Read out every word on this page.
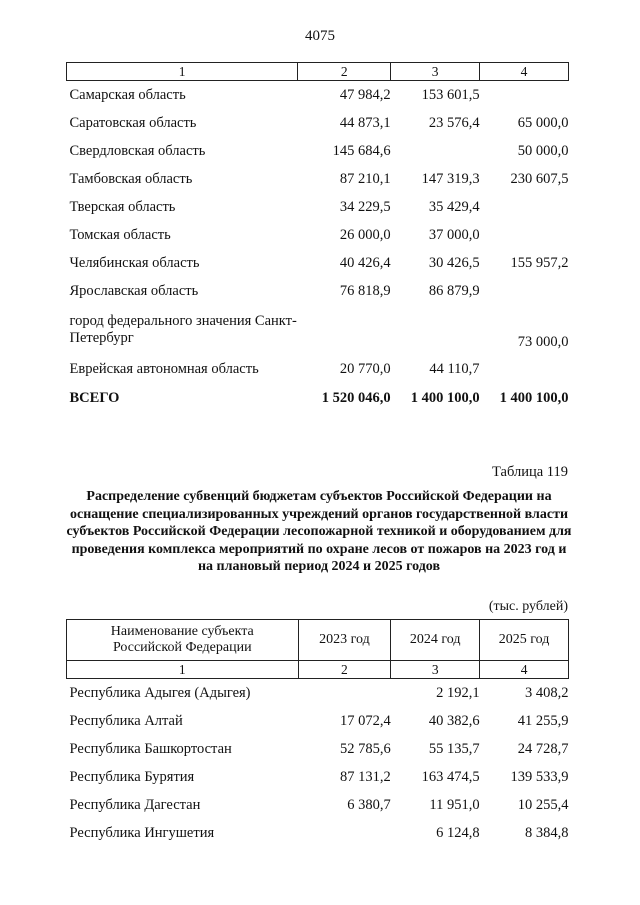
4075
1	2	3	4
Самарская область	47 984,2	153 601,5	
Саратовская область	44 873,1	23 576,4	65 000,0
Свердловская область	145 684,6		50 000,0
Тамбовская область	87 210,1	147 319,3	230 607,5
Тверская область	34 229,5	35 429,4	
Томская область	26 000,0	37 000,0	
Челябинская область	40 426,4	30 426,5	155 957,2
Ярославская область	76 818,9	86 879,9	
город федерального значения Санкт-Петербург			73 000,0
Еврейская автономная область	20 770,0	44 110,7	
ВСЕГО	1 520 046,0	1 400 100,0	1 400 100,0
Таблица 119
Распределение субвенций бюджетам субъектов Российской Федерации на оснащение специализированных учреждений органов государственной власти субъектов Российской Федерации лесопожарной техникой и оборудованием для проведения комплекса мероприятий по охране лесов от пожаров на 2023 год и на плановый период 2024 и 2025 годов
(тыс. рублей)
Наименование субъекта Российской Федерации	2023 год	2024 год	2025 год
1	2	3	4
Республика Адыгея (Адыгея)		2 192,1	3 408,2
Республика Алтай	17 072,4	40 382,6	41 255,9
Республика Башкортостан	52 785,6	55 135,7	24 728,7
Республика Бурятия	87 131,2	163 474,5	139 533,9
Республика Дагестан	6 380,7	11 951,0	10 255,4
Республика Ингушетия		6 124,8	8 384,8
